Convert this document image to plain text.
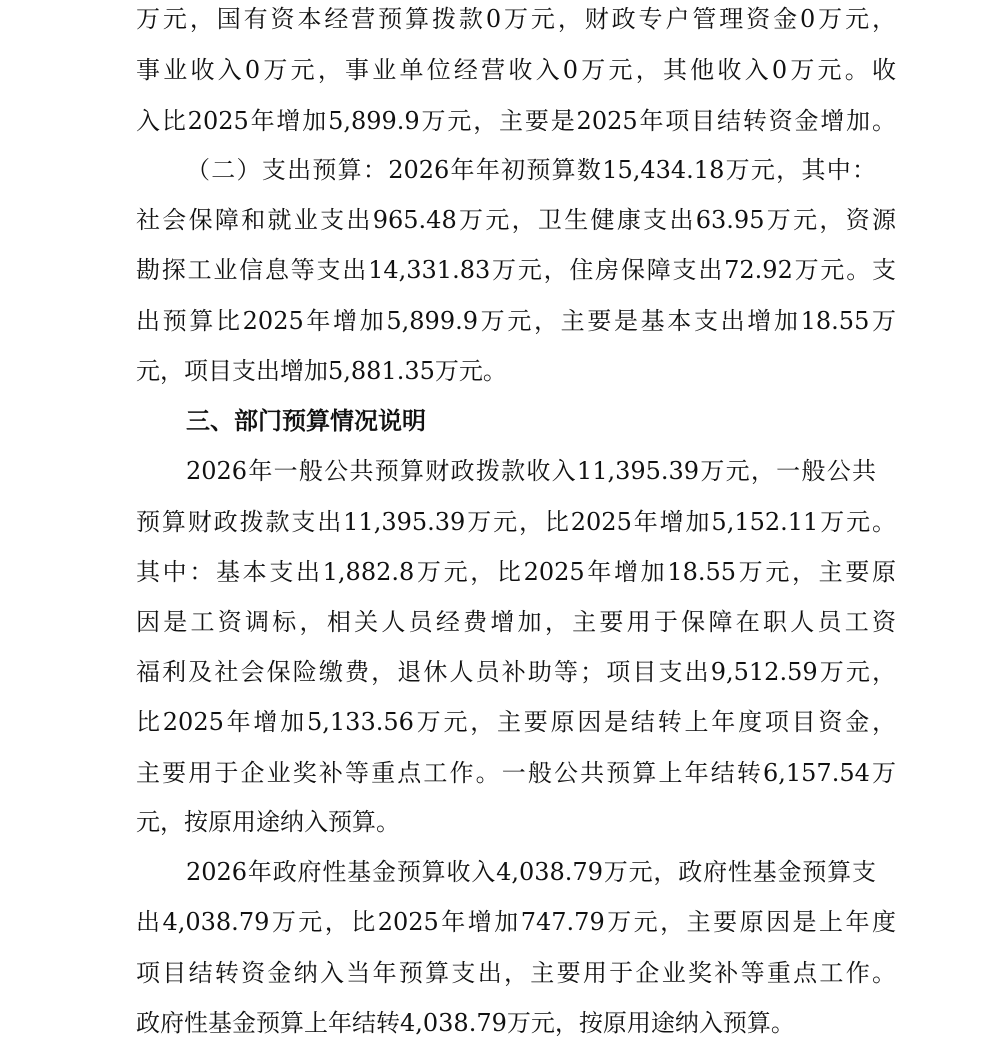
万元，国有资本经营预算拨款0万元，财政专户管理资金0万元，
事业收入0万元，事业单位经营收入0万元，其他收入0万元。收
入比2025年增加5,899.9万元，主要是2025年项目结转资金增加。
（二）支出预算：2026年年初预算数15,434.18万元，其中：
社会保障和就业支出965.48万元，卫生健康支出63.95万元，资源
勘探工业信息等支出14,331.83万元，住房保障支出72.92万元。支
出预算比2025年增加5,899.9万元，主要是基本支出增加18.55万
元，项目支出增加5,881.35万元。
三、部门预算情况说明
2026年一般公共预算财政拨款收入11,395.39万元，一般公共
预算财政拨款支出11,395.39万元，比2025年增加5,152.11万元。
其中：基本支出1,882.8万元，比2025年增加18.55万元，主要原
因是工资调标，相关人员经费增加，主要用于保障在职人员工资
福利及社会保险缴费，退休人员补助等；项目支出9,512.59万元，
比2025年增加5,133.56万元，主要原因是结转上年度项目资金，
主要用于企业奖补等重点工作。一般公共预算上年结转6,157.54万
元，按原用途纳入预算。
2026年政府性基金预算收入4,038.79万元，政府性基金预算支
出4,038.79万元，比2025年增加747.79万元，主要原因是上年度
项目结转资金纳入当年预算支出，主要用于企业奖补等重点工作。
政府性基金预算上年结转4,038.79万元，按原用途纳入预算。
